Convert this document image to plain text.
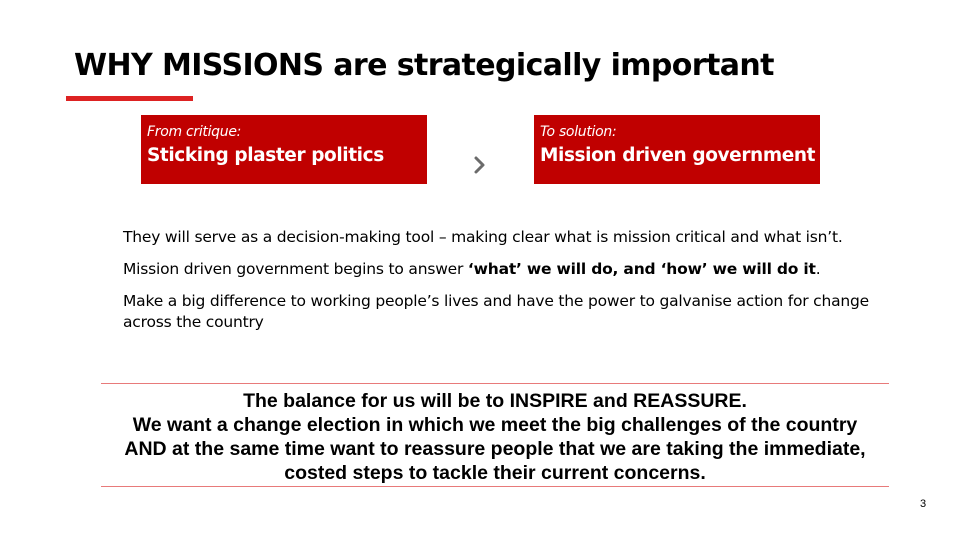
WHY MISSIONS are strategically important
From critique:
Sticking plaster politics
To solution:
Mission driven government

They will serve as a decision-making tool – making clear what is mission critical and what isn’t.

Mission driven government begins to answer ‘what’ we will do, and ‘how’ we will do it.

Make a big difference to working people’s lives and have the power to galvanise action for change across the country

The balance for us will be to INSPIRE and REASSURE.
We want a change election in which we meet the big challenges of the country
AND at the same time want to reassure people that we are taking the immediate,
costed steps to tackle their current concerns.
3
